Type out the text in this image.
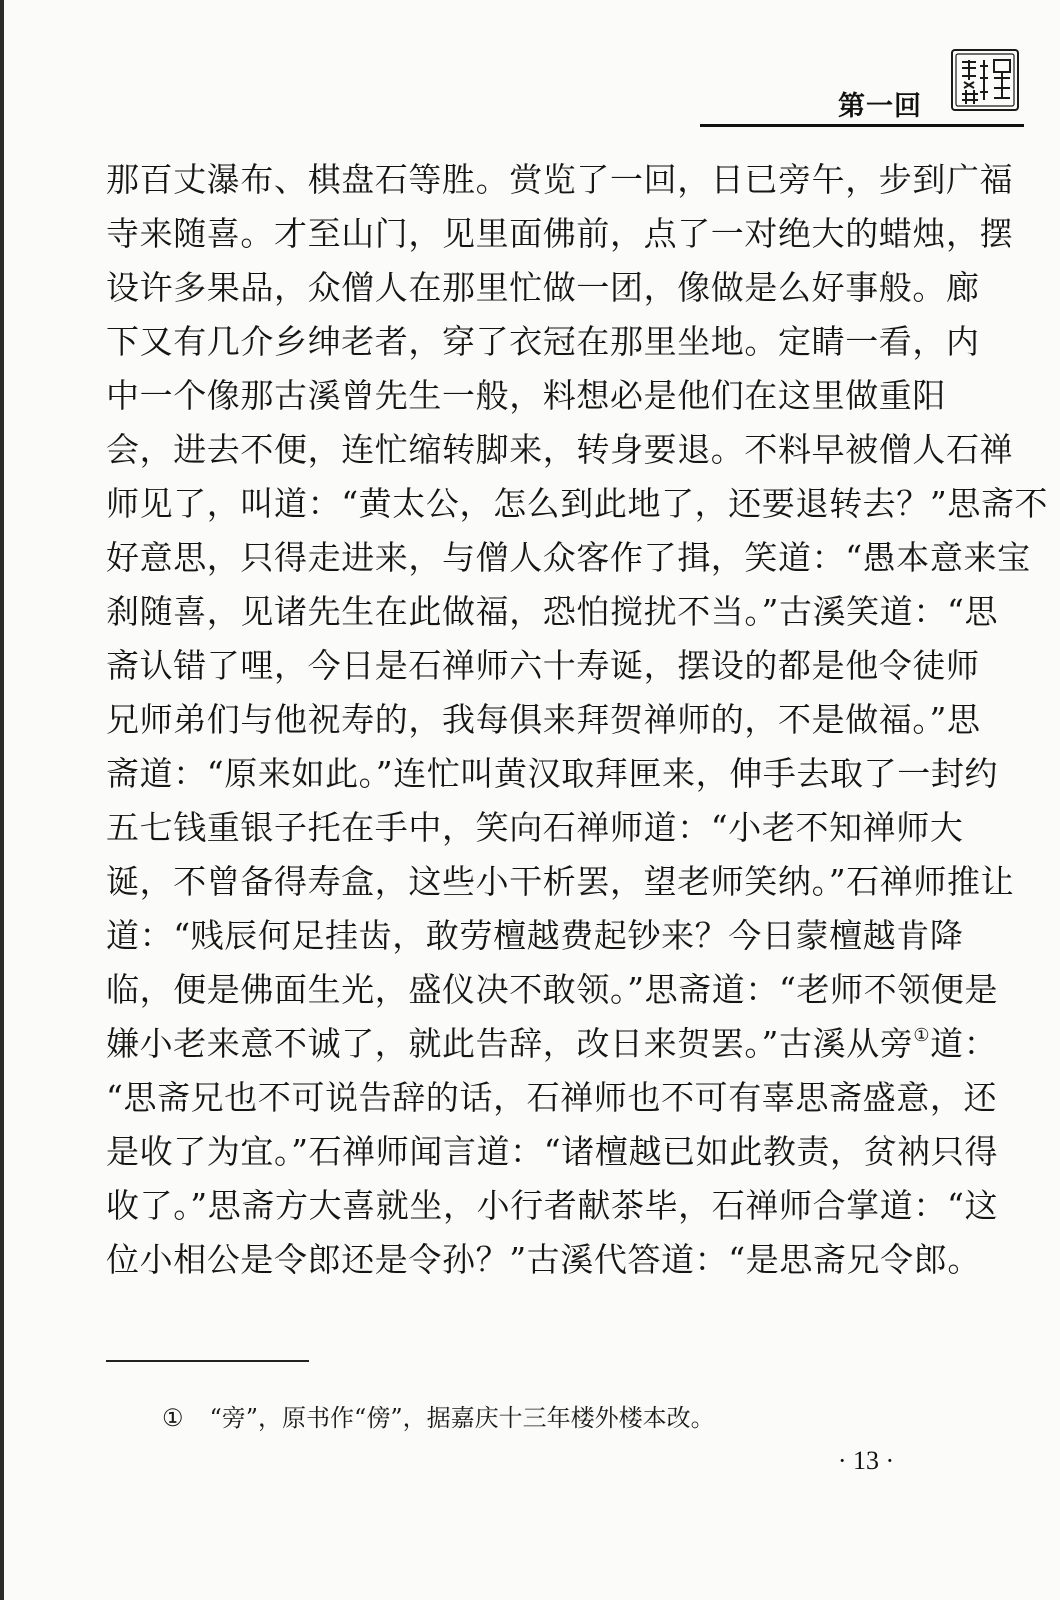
第一回
那百丈瀑布、棋盘石等胜。赏览了一回，日已旁午，步到广福
寺来随喜。才至山门，见里面佛前，点了一对绝大的蜡烛，摆
设许多果品，众僧人在那里忙做一团，像做是么好事般。廊
下又有几介乡绅老者，穿了衣冠在那里坐地。定睛一看，内
中一个像那古溪曾先生一般，料想必是他们在这里做重阳
会，进去不便，连忙缩转脚来，转身要退。不料早被僧人石禅
师见了，叫道：“黄太公，怎么到此地了，还要退转去？”思斋不
好意思，只得走进来，与僧人众客作了揖，笑道：“愚本意来宝
刹随喜，见诸先生在此做福，恐怕搅扰不当。”古溪笑道：“思
斋认错了哩，今日是石禅师六十寿诞，摆设的都是他令徒师
兄师弟们与他祝寿的，我每俱来拜贺禅师的，不是做福。”思
斋道：“原来如此。”连忙叫黄汉取拜匣来，伸手去取了一封约
五七钱重银子托在手中，笑向石禅师道：“小老不知禅师大
诞，不曾备得寿盒，这些小干析罢，望老师笑纳。”石禅师推让
道：“贱辰何足挂齿，敢劳檀越费起钞来？今日蒙檀越肯降
临，便是佛面生光，盛仪决不敢领。”思斋道：“老师不领便是
嫌小老来意不诚了，就此告辞，改日来贺罢。”古溪从旁①道：
“思斋兄也不可说告辞的话，石禅师也不可有辜思斋盛意，还
是收了为宜。”石禅师闻言道：“诸檀越已如此教责，贫衲只得
收了。”思斋方大喜就坐，小行者献茶毕，石禅师合掌道：“这
位小相公是令郎还是令孙？”古溪代答道：“是思斋兄令郎。
① “旁”，原书作“傍”，据嘉庆十三年楼外楼本改。
· 13 ·
